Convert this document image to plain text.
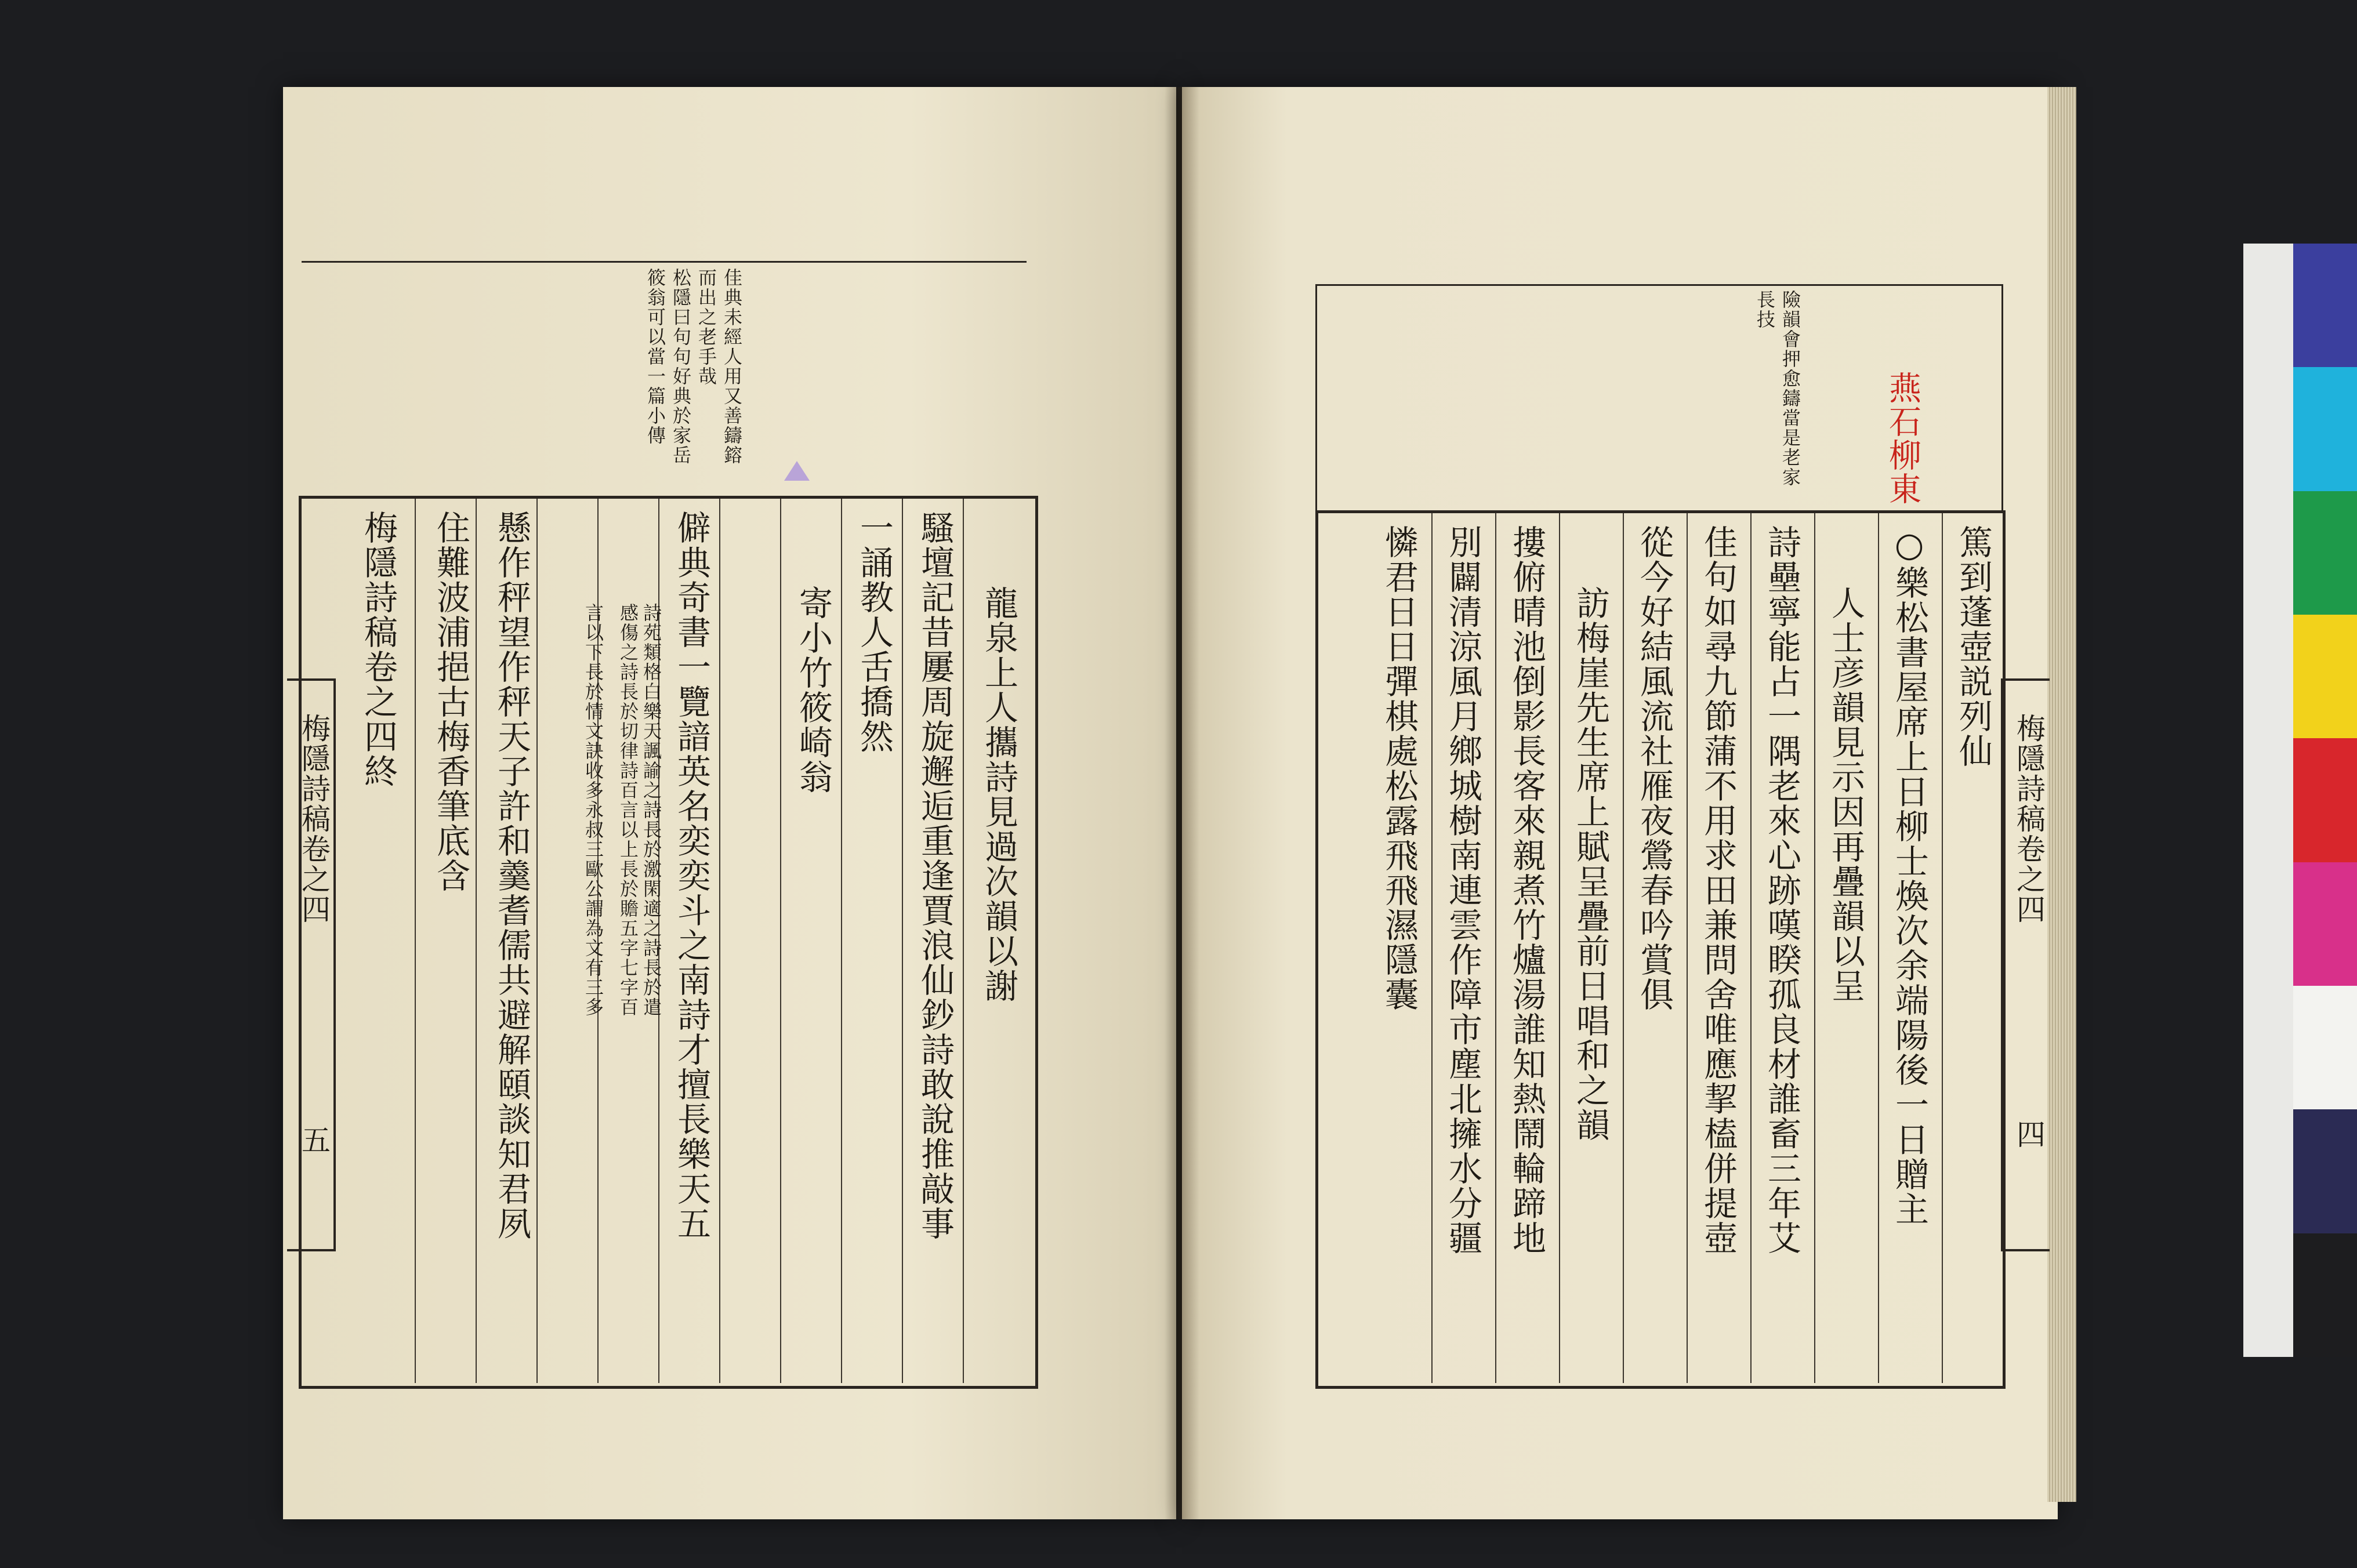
佳典未經人用又善鑄鎔
而出之老手哉
松隱曰句句好典於家岳
筱翁可以當一篇小傳
梅隱詩稿卷之四
五
龍泉上人攜詩見過次韻以謝
騷壇記昔屢周旋邂逅重逢賈浪仙鈔詩敢說推敲事
一誦教人舌撟然
寄小竹筱崎翁
僻典奇書一覽諳英名奕奕斗之南詩才擅長樂天五
詩苑類格白樂天諷諭之詩長於激閑適之詩長於遣
感傷之詩長於切律詩百言以上長於贍五字七字百
言以下長於情文訣收多永叔三歐公謂為文有三多
懸作秤望作秤天子許和羹耆儒共避解頤談知君夙
住難波浦挹古梅香筆底含
梅隱詩稿卷之四終
險韻會押愈鑄當是老家
長技
燕石柳東
梅隱詩稿卷之四
四
篤到蓬壺説列仙
○樂松書屋席上日柳士煥次余端陽後一日贈主
人士彦韻見示因再疊韻以呈
詩壘寧能占一隅老來心跡嘆睽孤良材誰畜三年艾
佳句如尋九節蒲不用求田兼問舍唯應挈榼併提壺
從今好結風流社雁夜鶯春吟賞俱
訪梅崖先生席上賦呈疊前日唱和之韻
摟俯晴池倒影長客來親煮竹爐湯誰知熱鬧輪蹄地
別闢清涼風月鄉城樹南連雲作障市塵北擁水分疆
憐君日日彈棋處松露飛飛濕隱囊
